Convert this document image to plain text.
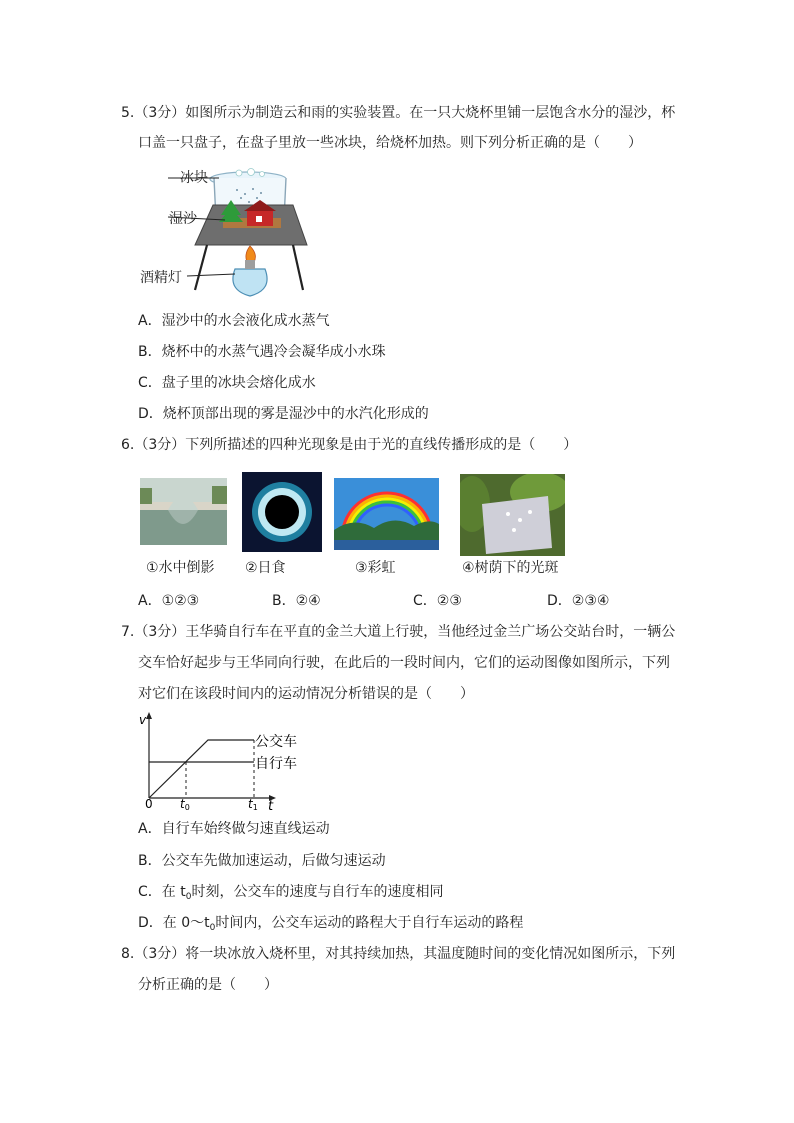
5.（3分）如图所示为制造云和雨的实验装置。在一只大烧杯里铺一层饱含水分的湿沙，杯
口盖一只盘子，在盘子里放一些冰块，给烧杯加热。则下列分析正确的是（　　）
冰块
湿沙
酒精灯
A．湿沙中的水会液化成水蒸气
B．烧杯中的水蒸气遇冷会凝华成小水珠
C．盘子里的冰块会熔化成水
D．烧杯顶部出现的雾是湿沙中的水汽化形成的
6.（3分）下列所描述的四种光现象是由于光的直线传播形成的是（　　）
①水中倒影 ②日食	③彩虹	④树荫下的光斑
A．①②③	B．②④	C．②③	D．②③④
7.（3分）王华骑自行车在平直的金兰大道上行驶，当他经过金兰广场公交站台时，一辆公
交车恰好起步与王华同向行驶，在此后的一段时间内，它们的运动图像如图所示，下列
对它们在该段时间内的运动情况分析错误的是（　　）
v
t
0 t0	t1
公交车
自行车
A．自行车始终做匀速直线运动
B．公交车先做加速运动，后做匀速运动
C．在 $t_0$时刻，公交车的速度与自行车的速度相同
D．在 $0\sim t_0$时间内，公交车运动的路程大于自行车运动的路程
8.（3分）将一块冰放入烧杯里，对其持续加热，其温度随时间的变化情况如图所示，下列
分析正确的是（　　）
